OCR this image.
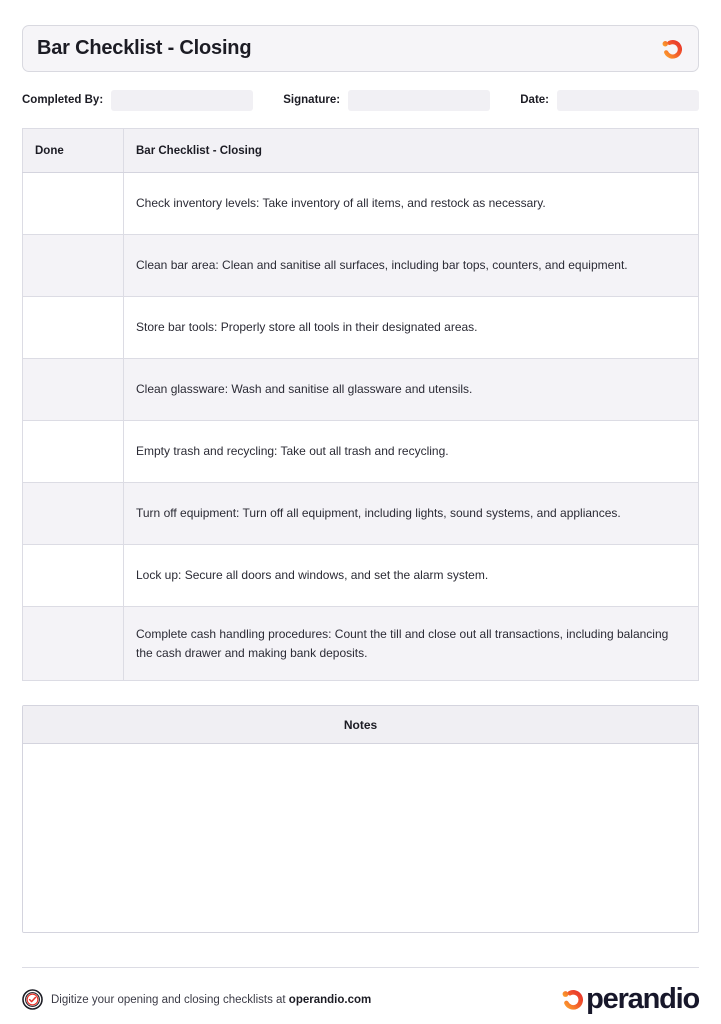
Bar Checklist - Closing
Completed By:	Signature:	Date:
Done	Bar Checklist - Closing
	Check inventory levels: Take inventory of all items, and restock as necessary.
	Clean bar area: Clean and sanitise all surfaces, including bar tops, counters, and equipment.
	Store bar tools: Properly store all tools in their designated areas.
	Clean glassware: Wash and sanitise all glassware and utensils.
	Empty trash and recycling: Take out all trash and recycling.
	Turn off equipment: Turn off all equipment, including lights, sound systems, and appliances.
	Lock up: Secure all doors and windows, and set the alarm system.
	Complete cash handling procedures: Count the till and close out all transactions, including balancing the cash drawer and making bank deposits.
Notes
Digitize your opening and closing checklists at operandio.com	perandio
